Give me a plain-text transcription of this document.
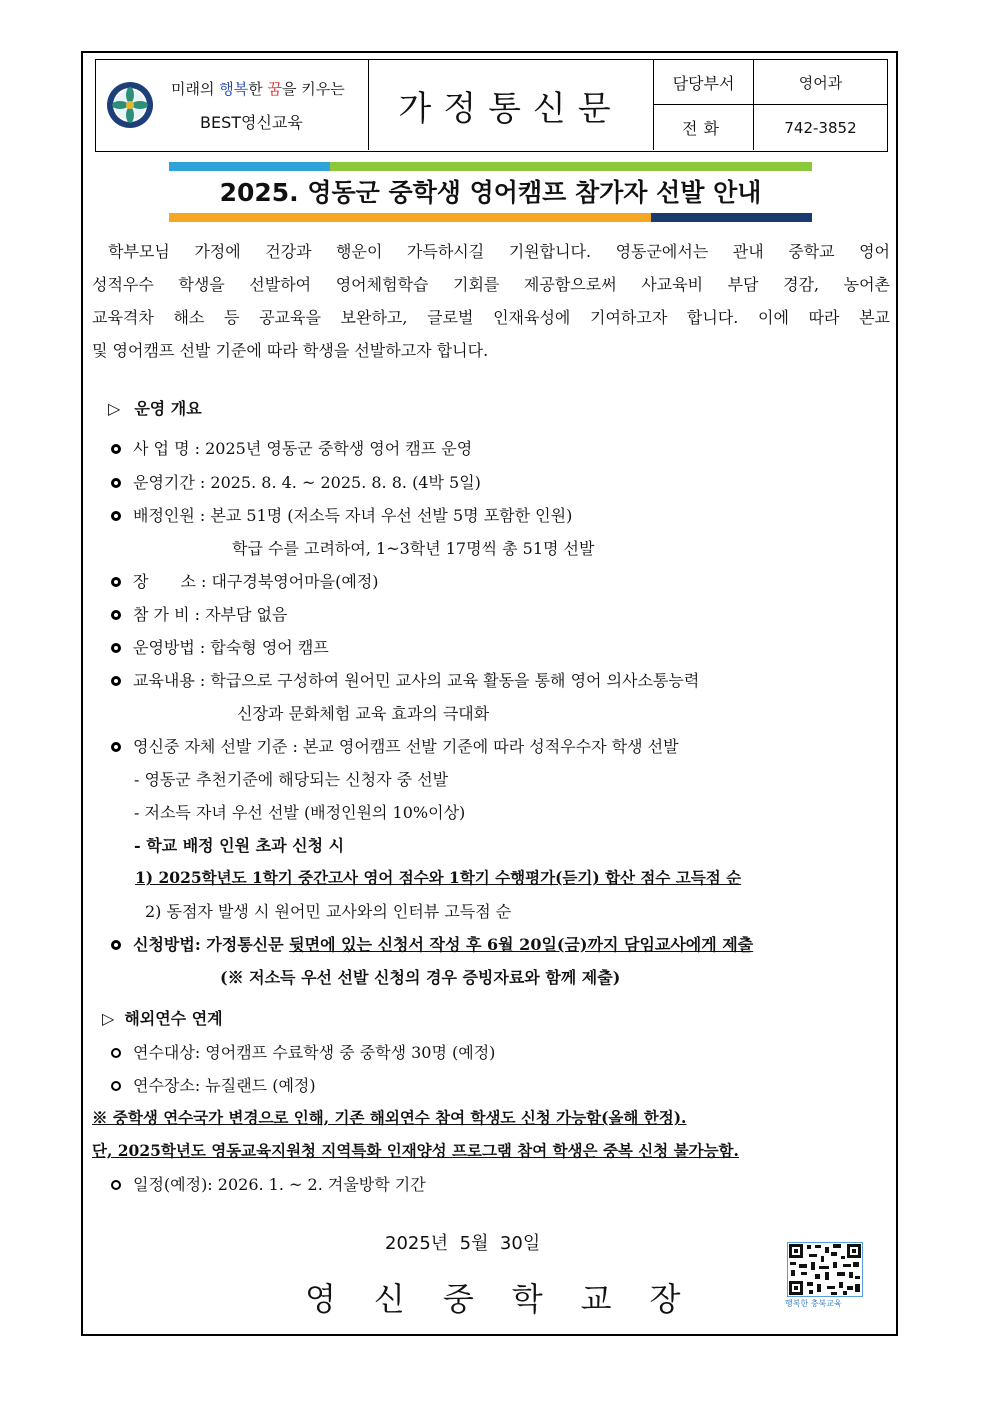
미래의 행복한 꿈을 키우는
BEST영신교육	가정통신문
담당부서	영어과
전화	742-3852
2025. 영동군 중학생 영어캠프 참가자 선발 안내
학부모님 가정에 건강과 행운이 가득하시길 기원합니다. 영동군에서는 관내 중학교 영어
성적우수 학생을 선발하여 영어체험학습 기회를 제공함으로써 사교육비 부담 경감, 농어촌
교육격차 해소 등 공교육을 보완하고, 글로벌 인재육성에 기여하고자 합니다. 이에 따라 본교
및 영어캠프 선발 기준에 따라 학생을 선발하고자 합니다.
▷ 운영 개요
사 업 명 : 2025년 영동군 중학생 영어 캠프 운영
운영기간 : 2025. 8. 4. ~ 2025. 8. 8. (4박 5일)
배정인원 : 본교 51명 (저소득 자녀 우선 선발 5명 포함한 인원)
학급 수를 고려하여, 1~3학년 17명씩 총 51명 선발
장　　소 : 대구경북영어마을(예정)
참 가 비 : 자부담 없음
운영방법 : 합숙형 영어 캠프
교육내용 : 학급으로 구성하여 원어민 교사의 교육 활동을 통해 영어 의사소통능력
신장과 문화체험 교육 효과의 극대화
영신중 자체 선발 기준 : 본교 영어캠프 선발 기준에 따라 성적우수자 학생 선발
- 영동군 추천기준에 해당되는 신청자 중 선발
- 저소득 자녀 우선 선발 (배정인원의 10%이상)
- 학교 배정 인원 초과 신청 시
1) 2025학년도 1학기 중간고사 영어 점수와 1학기 수행평가(듣기) 합산 점수 고득점 순
2) 동점자 발생 시 원어민 교사와의 인터뷰 고득점 순
신청방법: 가정통신문 뒷면에 있는 신청서 작성 후 6월 20일(금)까지 담임교사에게 제출
(※ 저소득 우선 선발 신청의 경우 증빙자료와 함께 제출)
▷ 해외연수 연계
연수대상: 영어캠프 수료학생 중 중학생 30명 (예정)
연수장소: 뉴질랜드 (예정)
※ 중학생 연수국가 변경으로 인해, 기존 해외연수 참여 학생도 신청 가능함(올해 한정).
단, 2025학년도 영동교육지원청 지역특화 인재양성 프로그램 참여 학생은 중복 신청 불가능함.
일정(예정): 2026. 1. ~ 2. 겨울방학 기간
2025년  5월  30일
영신중학교장	행복한 충북교육
